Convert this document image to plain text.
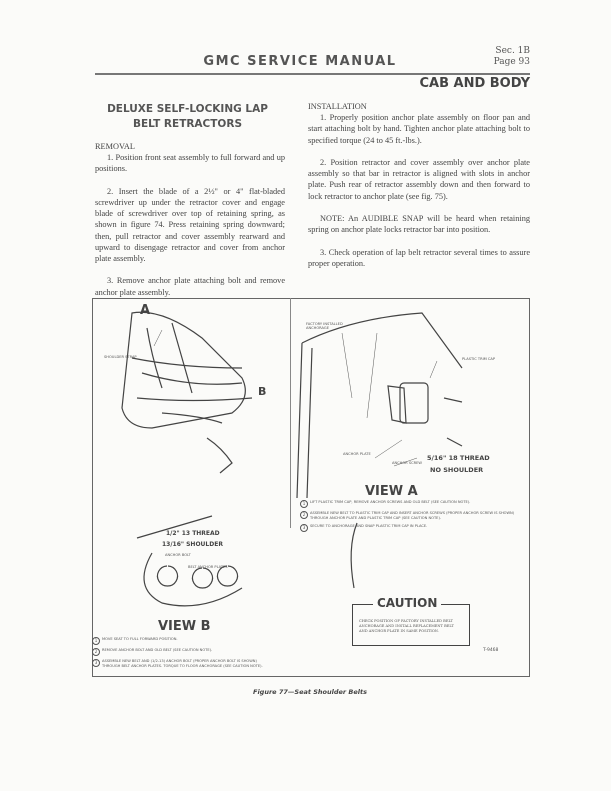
GMC SERVICE MANUAL
Sec. 1B
Page 93
CAB AND BODY
DELUXE SELF-LOCKING LAP
BELT RETRACTORS

REMOVAL

1. Position front seat assembly to full forward and up positions.

2. Insert the blade of a 2½" or 4" flat-bladed screwdriver up under the retractor cover and engage blade of screwdriver over top of retaining spring, as shown in figure 74. Press retaining spring downward; then, pull retractor and cover assembly rearward and upward to disengage retractor and cover from anchor plate assembly.

3. Remove anchor plate attaching bolt and remove anchor plate assembly.

INSTALLATION

1. Properly position anchor plate assembly on floor pan and start attaching bolt by hand. Tighten anchor plate attaching bolt to specified torque (24 to 45 ft.-lbs.).

2. Position retractor and cover assembly over anchor plate assembly so that bar in retractor is aligned with slots in anchor plate. Push rear of retractor assembly down and then forward to lock retractor to anchor plate (see fig. 75).

NOTE: An AUDIBLE SNAP will be heard when retaining spring on anchor plate locks retractor bar into position.

3. Check operation of lap belt retractor several times to assure proper operation.

A
B
SHOULDER STRAP
FACTORY INSTALLED ANCHORAGE
PLASTIC TRIM CAP
ANCHOR PLATE
ANCHOR SCREW
5/16" 18 THREAD
NO SHOULDER
VIEW A
1	LIFT PLASTIC TRIM CAP, REMOVE ANCHOR SCREWS AND OLD BELT (SEE CAUTION NOTE).
2	ASSEMBLE NEW BELT TO PLASTIC TRIM CAP AND INSERT ANCHOR SCREWS (PROPER ANCHOR SCREW IS SHOWN) THROUGH ANCHOR PLATE AND PLASTIC TRIM CAP (SEE CAUTION NOTE).
3	SECURE TO ANCHORAGE AND SNAP PLASTIC TRIM CAP IN PLACE.
1/2" 13 THREAD
13/16" SHOULDER
ANCHOR BOLT
BELT ANCHOR PLATES
VIEW B
1	MOVE SEAT TO FULL FORWARD POSITION.
2	REMOVE ANCHOR BOLT AND OLD BELT (SEE CAUTION NOTE).
3	ASSEMBLE NEW BELT AND (1/2-13) ANCHOR BOLT (PROPER ANCHOR BOLT IS SHOWN) THROUGH BELT ANCHOR PLATES. TORQUE TO FLOOR ANCHORAGE (SEE CAUTION NOTE).
CAUTION
CHECK POSITION OF FACTORY INSTALLED BELT ANCHORAGE AND INSTALL REPLACEMENT BELT AND ANCHOR PLATE IN SAME POSITION.
T-9468
Figure 77—Seat Shoulder Belts
